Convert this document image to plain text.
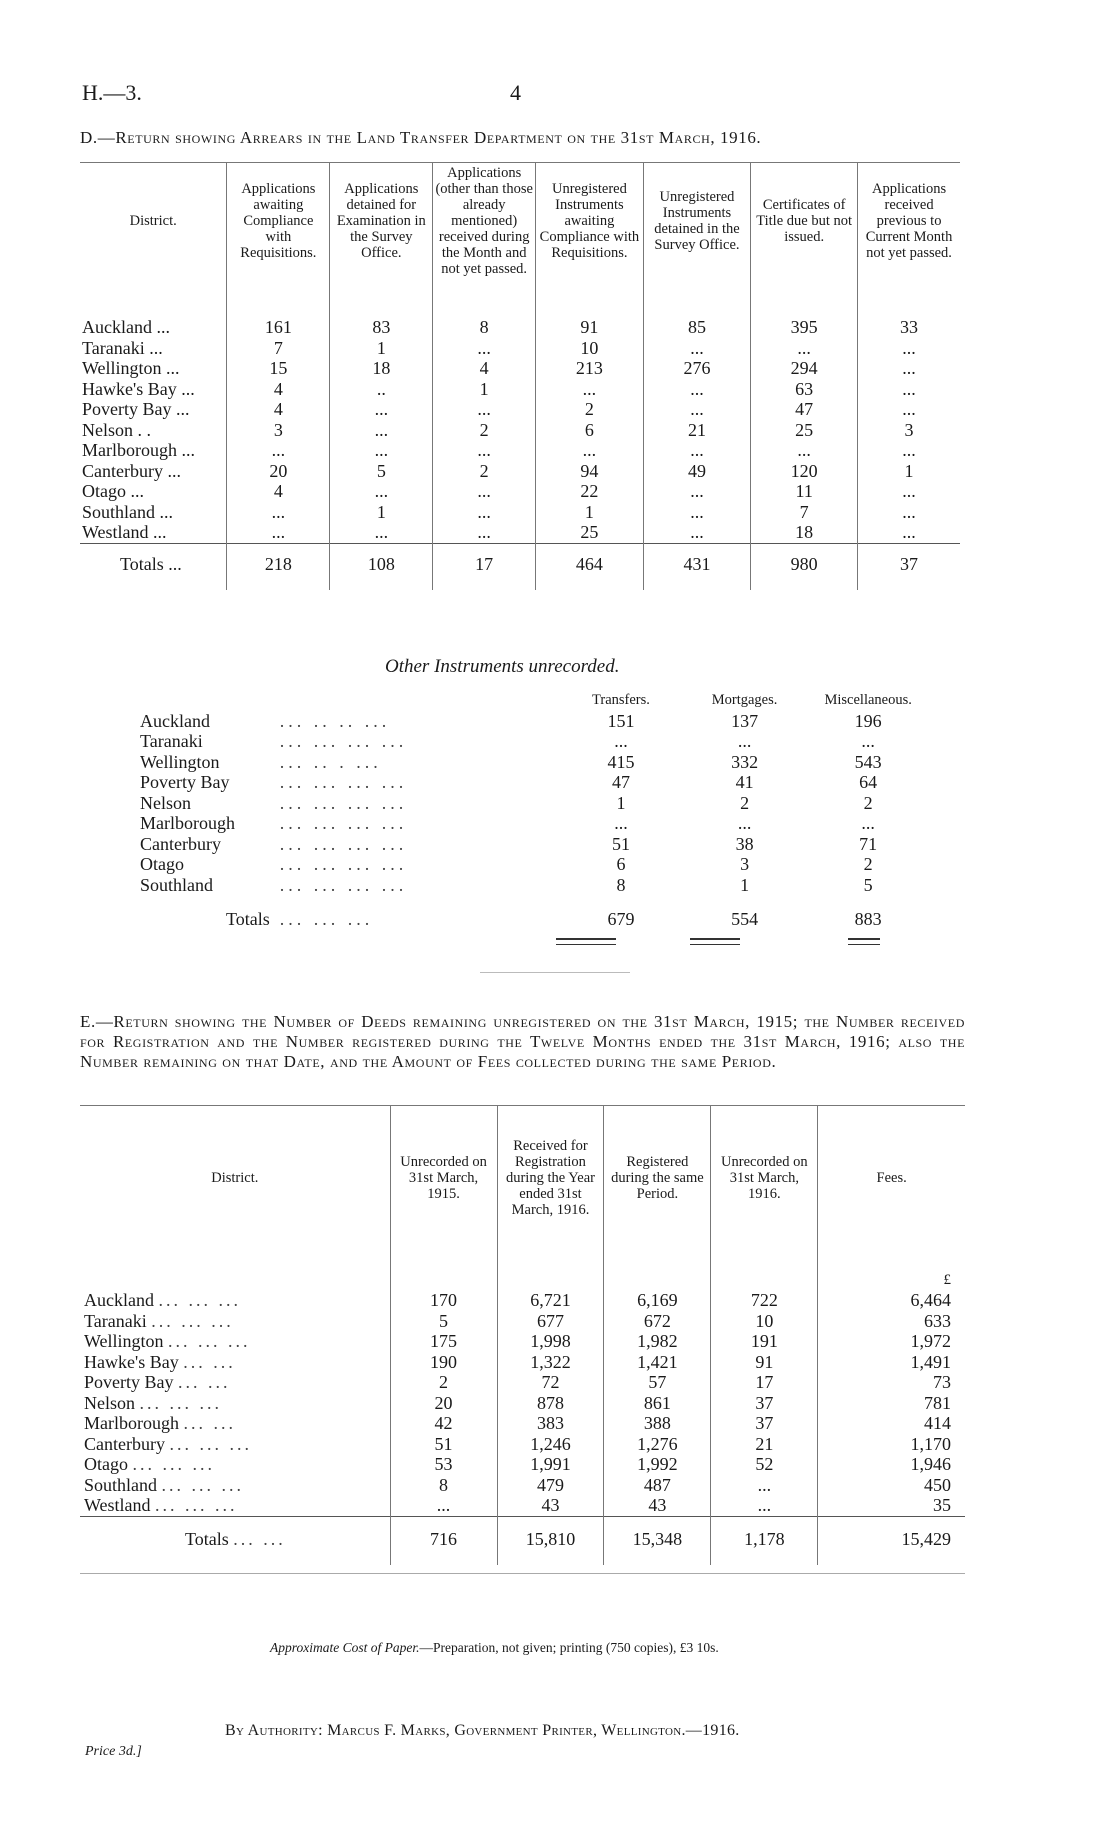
H.—3.	4
D.—Return showing Arrears in the Land Transfer Department on the 31st March, 1916.
District.	Applications awaiting Compliance with Requisitions.	Applications detained for Examination in the Survey Office.	Applications (other than those already mentioned) received during the Month and not yet passed.	Unregistered Instruments awaiting Compliance with Requisitions.	Unregistered Instruments detained in the Survey Office.	Certificates of Title due but not issued.	Applications received previous to Current Month not yet passed.

Auckland ...	161	83	8	91	85	395	33
Taranaki ...	7	1	...	10	...	...	...
Wellington ...	15	18	4	213	276	294	...
Hawke's Bay ...	4	..	1	...	...	63	...
Poverty Bay ...	4	...	...	2	...	47	...
Nelson . .	3	...	2	6	21	25	3
Marlborough ...	...	...	...	...	...	...	...
Canterbury ...	20	5	2	94	49	120	1
Otago ...	4	...	...	22	...	11	...
Southland ...	...	1	...	1	...	7	...
Westland ...	...	...	...	25	...	18	...
Totals ...	218	108	17	464	431	980	37
Other Instruments unrecorded.
		Transfers.	Mortgages.	Miscellaneous.
Auckland	... .. .. ...	151	137	196
Taranaki	... ... ... ...	...	...	...
Wellington	... .. . ...	415	332	543
Poverty Bay	... ... ... ...	47	41	64
Nelson	... ... ... ...	1	2	2
Marlborough	... ... ... ...	...	...	...
Canterbury	... ... ... ...	51	38	71
Otago	... ... ... ...	6	3	2
Southland	... ... ... ...	8	1	5
Totals	... ... ...	679	554	883
E.—Return showing the Number of Deeds remaining unregistered on the 31st March, 1915; the Number received for Registration and the Number registered during the Twelve Months ended the 31st March, 1916; also the Number remaining on that Date, and the Amount of Fees collected during the same Period.
District.	Unrecorded on 31st March, 1915.	Received for Registration during the Year ended 31st March, 1916.	Registered during the same Period.	Unrecorded on 31st March, 1916.	Fees.
					£
Auckland ... ... ...	170	6,721	6,169	722	6,464
Taranaki ... ... ...	5	677	672	10	633
Wellington ... ... ...	175	1,998	1,982	191	1,972
Hawke's Bay ... ...	190	1,322	1,421	91	1,491
Poverty Bay ... ...	2	72	57	17	73
Nelson ... ... ...	20	878	861	37	781
Marlborough ... ...	42	383	388	37	414
Canterbury ... ... ...	51	1,246	1,276	21	1,170
Otago ... ... ...	53	1,991	1,992	52	1,946
Southland ... ... ...	8	479	487	...	450
Westland ... ... ...	...	43	43	...	35
Totals ... ...	716	15,810	15,348	1,178	15,429
Approximate Cost of Paper.—Preparation, not given; printing (750 copies), £3 10s.
By Authority: Marcus F. Marks, Government Printer, Wellington.—1916.
Price 3d.]
